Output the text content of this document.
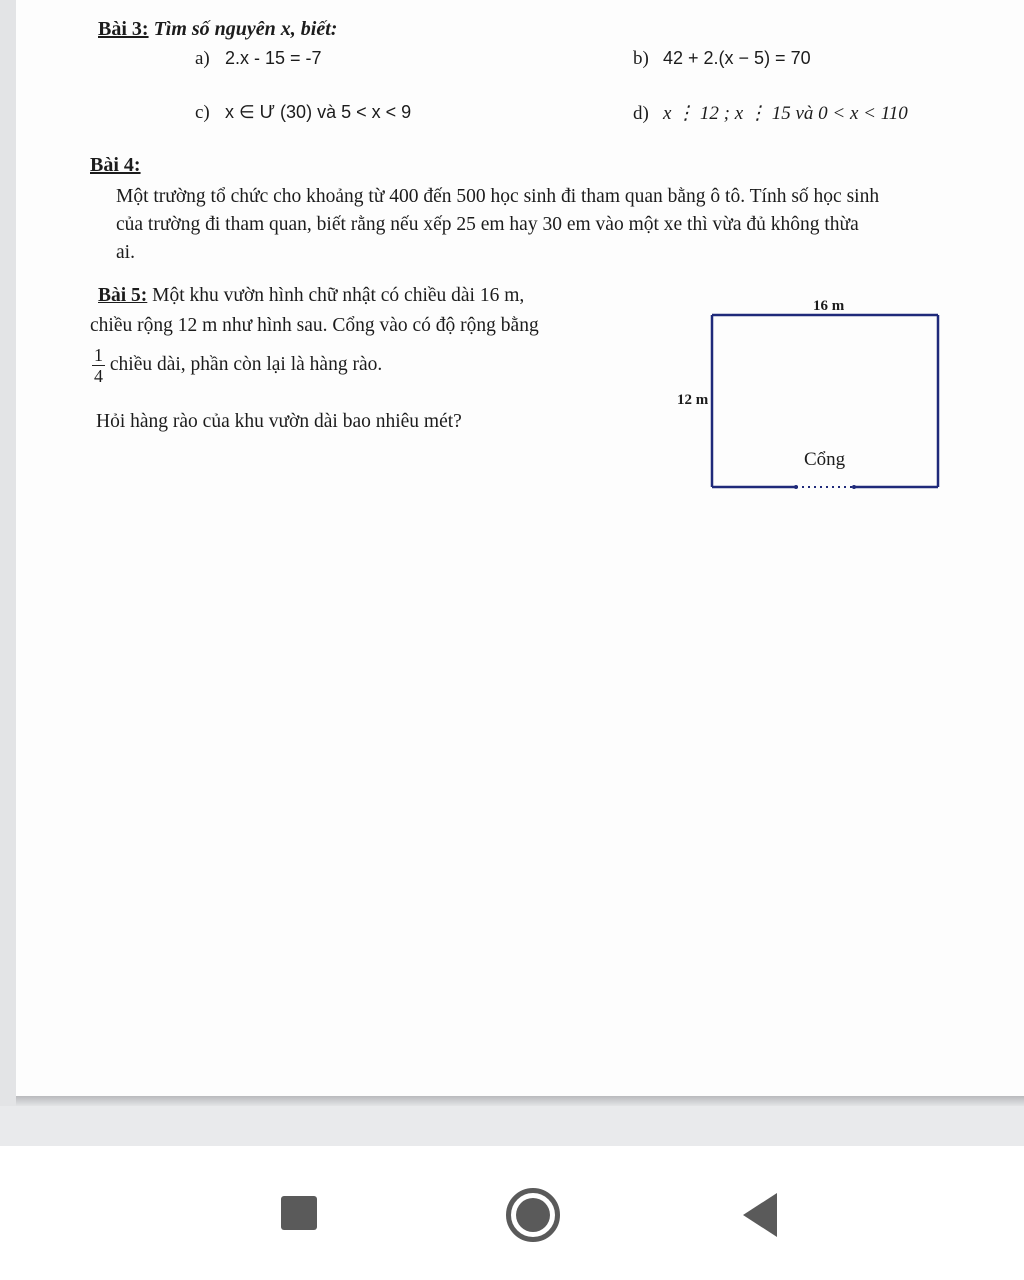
Bài 3: Tìm số nguyên x, biết:
a) 2.x - 15 = -7	b) 42 + 2.(x − 5) = 70
c) x ∈ Ư (30) và 5 < x < 9	d) x ⋮ 12 ; x ⋮ 15 và 0 < x < 110
Bài 4:
Một trường tổ chức cho khoảng từ 400 đến 500 học sinh đi tham quan bằng ô tô. Tính số học sinh
của trường đi tham quan, biết rằng nếu xếp 25 em hay 30 em vào một xe thì vừa đủ không thừa
ai.
Bài 5: Một khu vườn hình chữ nhật có chiều dài 16 m,
chiều rộng 12 m như hình sau. Cổng vào có độ rộng bằng
$\frac{1}{4}$ chiều dài, phần còn lại là hàng rào.
Hỏi hàng rào của khu vườn dài bao nhiêu mét?
16 m
12 m
Cổng
